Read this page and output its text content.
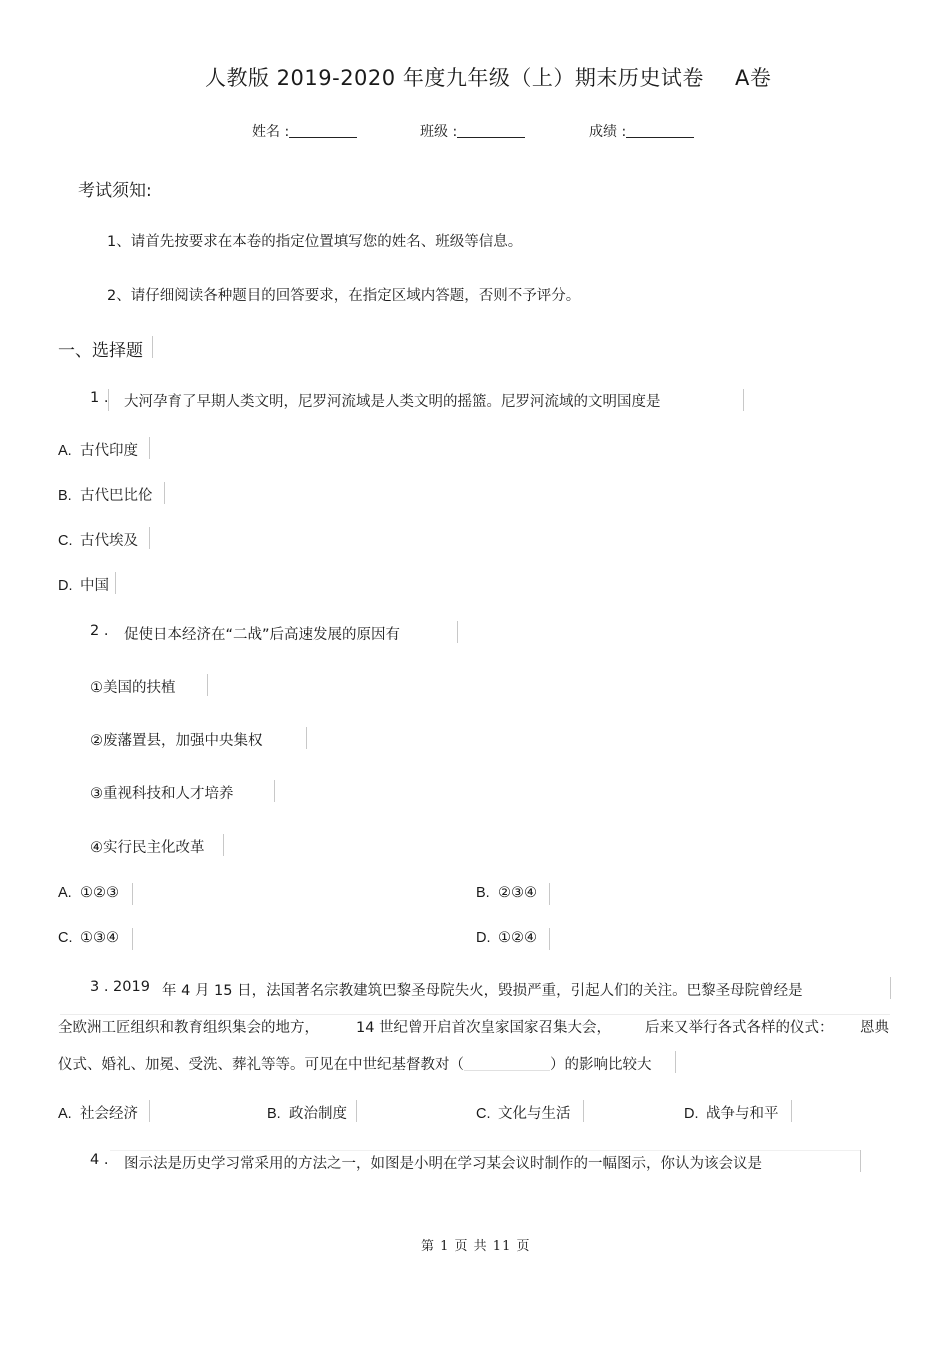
人教版 2019-2020 年度九年级（上）期末历史试卷 A卷
姓名 :	班级 :	成绩 :
考试须知:
1、请首先按要求在本卷的指定位置填写您的姓名、班级等信息。
2、请仔细阅读各种题目的回答要求，在指定区域内答题，否则不予评分。
一、选择题
1 . 大河孕育了早期人类文明，尼罗河流域是人类文明的摇篮。尼罗河流域的文明国度是
A. 古代印度
B. 古代巴比伦
C. 古代埃及
D. 中国
2 . 促使日本经济在“二战”后高速发展的原因有
①美国的扶植
②废藩置县，加强中央集权
③重视科技和人才培养
④实行民主化改革
A. ①②③	B. ②③④
C. ①③④	D. ①②④
3 . 2019 年 4 月 15 日，法国著名宗教建筑巴黎圣母院失火，毁损严重，引起人们的关注。巴黎圣母院曾经是
全欧洲工匠组织和教育组织集会的地方，	14 世纪曾开启首次皇家国家召集大会， 后来又举行各式各样的仪式： 恩典
仪式、婚礼、加冕、受洗、葬礼等等。可见在中世纪基督教对（	）的影响比较大
A. 社会经济	B. 政治制度	C. 文化与生活	D. 战争与和平
4 . 图示法是历史学习常采用的方法之一，如图是小明在学习某会议时制作的一幅图示，你认为该会议是
第 1 页 共 11 页
